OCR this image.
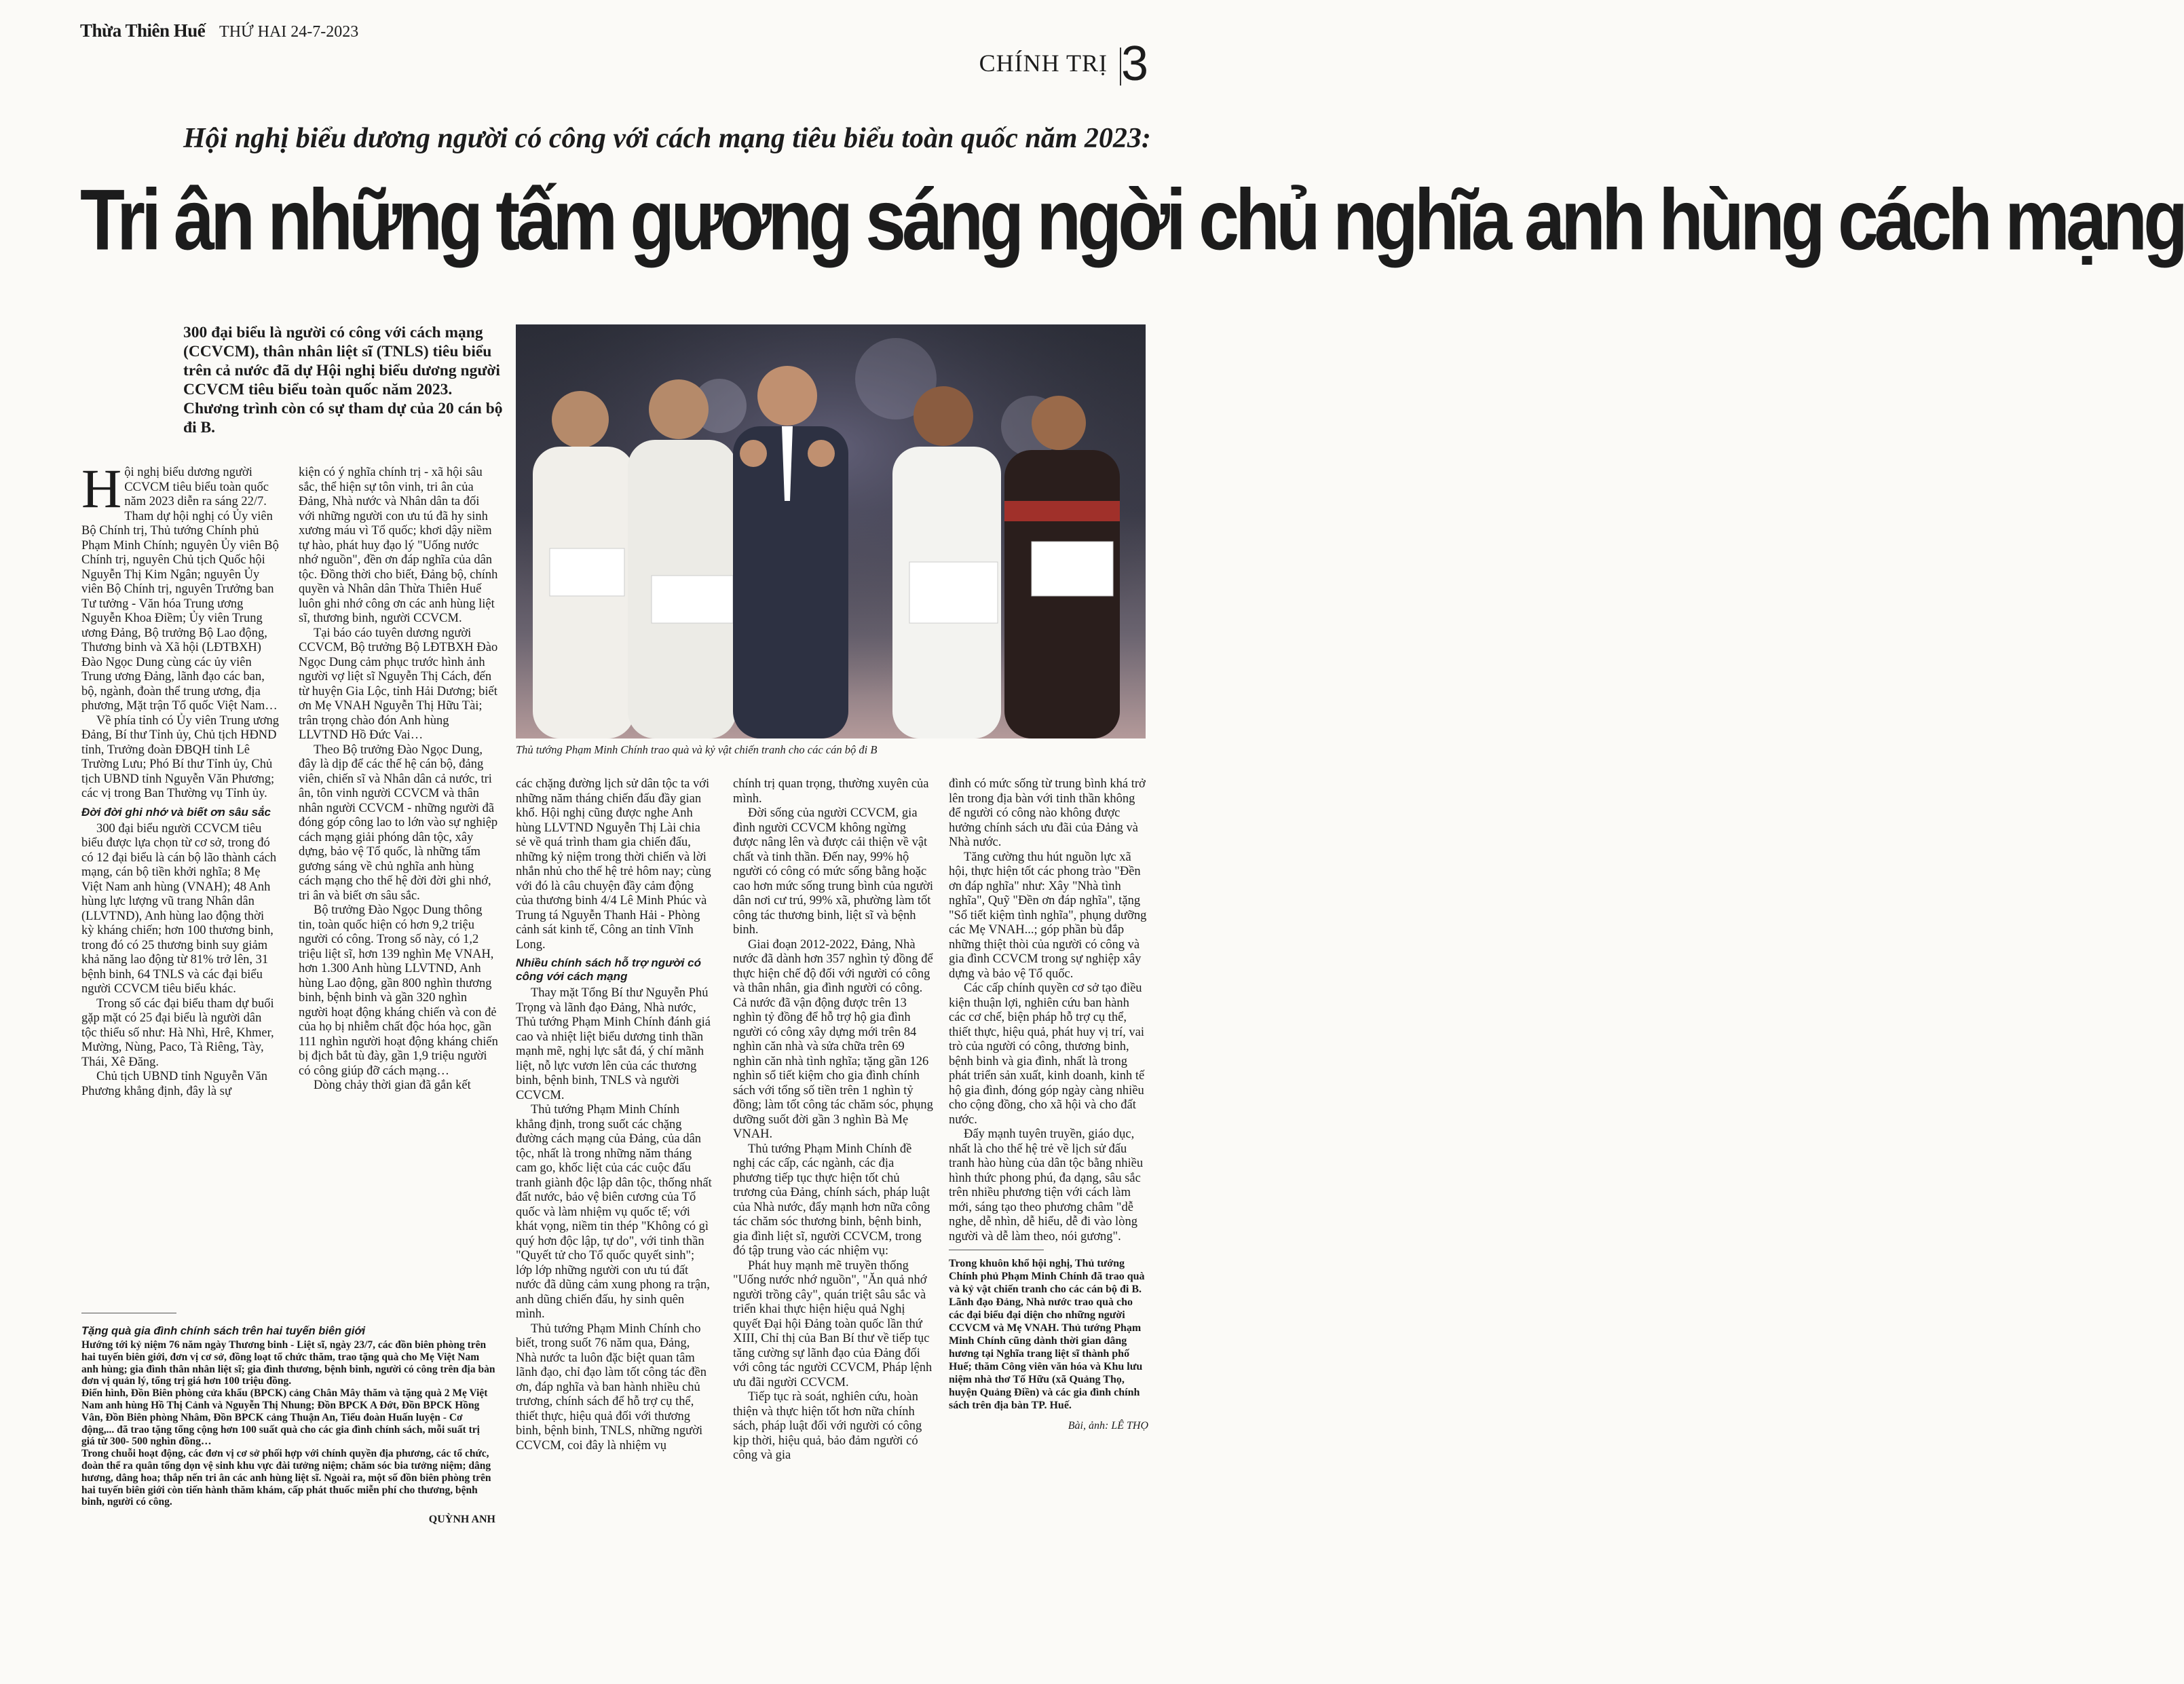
Thừa Thiên Huế THỨ HAI 24-7-2023
CHÍNH TRỊ 3
Hội nghị biểu dương người có công với cách mạng tiêu biểu toàn quốc năm 2023:
Tri ân những tấm gương sáng ngời chủ nghĩa anh hùng cách mạng
300 đại biểu là người có công với cách mạng (CCVCM), thân nhân liệt sĩ (TNLS) tiêu biểu trên cả nước đã dự Hội nghị biểu dương người CCVCM tiêu biểu toàn quốc năm 2023. Chương trình còn có sự tham dự của 20 cán bộ đi B.
Thủ tướng Phạm Minh Chính trao quà và kỷ vật chiến tranh cho các cán bộ đi B

Hội nghị biểu dương người CCVCM tiêu biểu toàn quốc năm 2023 diễn ra sáng 22/7. Tham dự hội nghị có Ủy viên Bộ Chính trị, Thủ tướng Chính phủ Phạm Minh Chính; nguyên Ủy viên Bộ Chính trị, nguyên Chủ tịch Quốc hội Nguyễn Thị Kim Ngân; nguyên Ủy viên Bộ Chính trị, nguyên Trưởng ban Tư tưởng - Văn hóa Trung ương Nguyễn Khoa Điềm; Ủy viên Trung ương Đảng, Bộ trưởng Bộ Lao động, Thương binh và Xã hội (LĐTBXH) Đào Ngọc Dung cùng các ủy viên Trung ương Đảng, lãnh đạo các ban, bộ, ngành, đoàn thể trung ương, địa phương, Mặt trận Tổ quốc Việt Nam…

Về phía tỉnh có Ủy viên Trung ương Đảng, Bí thư Tỉnh ủy, Chủ tịch HĐND tỉnh, Trưởng đoàn ĐBQH tỉnh Lê Trường Lưu; Phó Bí thư Tỉnh ủy, Chủ tịch UBND tỉnh Nguyễn Văn Phương; các vị trong Ban Thường vụ Tỉnh ủy.

Đời đời ghi nhớ và biết ơn sâu sắc

300 đại biểu người CCVCM tiêu biểu được lựa chọn từ cơ sở, trong đó có 12 đại biểu là cán bộ lão thành cách mạng, cán bộ tiền khởi nghĩa; 8 Mẹ Việt Nam anh hùng (VNAH); 48 Anh hùng lực lượng vũ trang Nhân dân (LLVTND), Anh hùng lao động thời kỳ kháng chiến; hơn 100 thương binh, trong đó có 25 thương binh suy giảm khả năng lao động từ 81% trở lên, 31 bệnh binh, 64 TNLS và các đại biểu người CCVCM tiêu biểu khác.

Trong số các đại biểu tham dự buổi gặp mặt có 25 đại biểu là người dân tộc thiểu số như: Hà Nhì, Hrê, Khmer, Mường, Nùng, Paco, Tà Riêng, Tày, Thái, Xê Đăng.

Chủ tịch UBND tỉnh Nguyễn Văn Phương khẳng định, đây là sự

kiện có ý nghĩa chính trị - xã hội sâu sắc, thể hiện sự tôn vinh, tri ân của Đảng, Nhà nước và Nhân dân ta đối với những người con ưu tú đã hy sinh xương máu vì Tổ quốc; khơi dậy niềm tự hào, phát huy đạo lý "Uống nước nhớ nguồn", đền ơn đáp nghĩa của dân tộc. Đồng thời cho biết, Đảng bộ, chính quyền và Nhân dân Thừa Thiên Huế luôn ghi nhớ công ơn các anh hùng liệt sĩ, thương binh, người CCVCM.

Tại báo cáo tuyên dương người CCVCM, Bộ trưởng Bộ LĐTBXH Đào Ngọc Dung cảm phục trước hình ảnh người vợ liệt sĩ Nguyễn Thị Cách, đến từ huyện Gia Lộc, tỉnh Hải Dương; biết ơn Mẹ VNAH Nguyễn Thị Hữu Tài; trân trọng chào đón Anh hùng LLVTND Hồ Đức Vai…

Theo Bộ trưởng Đào Ngọc Dung, đây là dịp để các thế hệ cán bộ, đảng viên, chiến sĩ và Nhân dân cả nước, tri ân, tôn vinh người CCVCM và thân nhân người CCVCM - những người đã đóng góp công lao to lớn vào sự nghiệp cách mạng giải phóng dân tộc, xây dựng, bảo vệ Tổ quốc, là những tấm gương sáng về chủ nghĩa anh hùng cách mạng cho thế hệ đời đời ghi nhớ, tri ân và biết ơn sâu sắc.

Bộ trưởng Đào Ngọc Dung thông tin, toàn quốc hiện có hơn 9,2 triệu người có công. Trong số này, có 1,2 triệu liệt sĩ, hơn 139 nghìn Mẹ VNAH, hơn 1.300 Anh hùng LLVTND, Anh hùng Lao động, gần 800 nghìn thương binh, bệnh binh và gần 320 nghìn người hoạt động kháng chiến và con đẻ của họ bị nhiễm chất độc hóa học, gần 111 nghìn người hoạt động kháng chiến bị địch bắt tù đày, gần 1,9 triệu người có công giúp đỡ cách mạng…

Dòng chảy thời gian đã gắn kết

Tặng quà gia đình chính sách trên hai tuyến biên giới

Hướng tới kỷ niệm 76 năm ngày Thương binh - Liệt sĩ, ngày 23/7, các đồn biên phòng trên hai tuyến biên giới, đơn vị cơ sở, đồng loạt tổ chức thăm, trao tặng quà cho Mẹ Việt Nam anh hùng; gia đình thân nhân liệt sĩ; gia đình thương, bệnh binh, người có công trên địa bàn đơn vị quản lý, tổng trị giá hơn 100 triệu đồng.

Điển hình, Đồn Biên phòng cửa khẩu (BPCK) cảng Chân Mây thăm và tặng quà 2 Mẹ Việt Nam anh hùng Hồ Thị Cảnh và Nguyễn Thị Nhung; Đồn BPCK A Đớt, Đồn BPCK Hồng Vân, Đồn Biên phòng Nhâm, Đồn BPCK cảng Thuận An, Tiểu đoàn Huấn luyện - Cơ động,... đã trao tặng tổng cộng hơn 100 suất quà cho các gia đình chính sách, mỗi suất trị giá từ 300- 500 nghìn đồng…

Trong chuỗi hoạt động, các đơn vị cơ sở phối hợp với chính quyền địa phương, các tổ chức, đoàn thể ra quân tổng dọn vệ sinh khu vực đài tưởng niệm; chăm sóc bia tưởng niệm; dâng hương, dâng hoa; thắp nến tri ân các anh hùng liệt sĩ. Ngoài ra, một số đồn biên phòng trên hai tuyến biên giới còn tiến hành thăm khám, cấp phát thuốc miễn phí cho thương, bệnh binh, người có công.

QUỲNH ANH

các chặng đường lịch sử dân tộc ta với những năm tháng chiến đấu đầy gian khổ. Hội nghị cũng được nghe Anh hùng LLVTND Nguyễn Thị Lài chia sẻ về quá trình tham gia chiến đấu, những kỷ niệm trong thời chiến và lời nhắn nhủ cho thế hệ trẻ hôm nay; cùng với đó là câu chuyện đầy cảm động của thương binh 4/4 Lê Minh Phúc và Trung tá Nguyễn Thanh Hải - Phòng cảnh sát kinh tế, Công an tỉnh Vĩnh Long.

Nhiều chính sách hỗ trợ người có công với cách mạng

Thay mặt Tổng Bí thư Nguyễn Phú Trọng và lãnh đạo Đảng, Nhà nước, Thủ tướng Phạm Minh Chính đánh giá cao và nhiệt liệt biểu dương tinh thần mạnh mẽ, nghị lực sắt đá, ý chí mãnh liệt, nỗ lực vươn lên của các thương binh, bệnh binh, TNLS và người CCVCM.

Thủ tướng Phạm Minh Chính khẳng định, trong suốt các chặng đường cách mạng của Đảng, của dân tộc, nhất là trong những năm tháng cam go, khốc liệt của các cuộc đấu tranh giành độc lập dân tộc, thống nhất đất nước, bảo vệ biên cương của Tổ quốc và làm nhiệm vụ quốc tế; với khát vọng, niềm tin thép "Không có gì quý hơn độc lập, tự do", với tinh thần "Quyết tử cho Tổ quốc quyết sinh"; lớp lớp những người con ưu tú đất nước đã dũng cảm xung phong ra trận, anh dũng chiến đấu, hy sinh quên mình.

Thủ tướng Phạm Minh Chính cho biết, trong suốt 76 năm qua, Đảng, Nhà nước ta luôn đặc biệt quan tâm lãnh đạo, chỉ đạo làm tốt công tác đền ơn, đáp nghĩa và ban hành nhiều chủ trương, chính sách để hỗ trợ cụ thể, thiết thực, hiệu quả đối với thương binh, bệnh binh, TNLS, những người CCVCM, coi đây là nhiệm vụ

chính trị quan trọng, thường xuyên của mình.

Đời sống của người CCVCM, gia đình người CCVCM không ngừng được nâng lên và được cải thiện về vật chất và tinh thần. Đến nay, 99% hộ người có công có mức sống bằng hoặc cao hơn mức sống trung bình của người dân nơi cư trú, 99% xã, phường làm tốt công tác thương binh, liệt sĩ và bệnh binh.

Giai đoạn 2012-2022, Đảng, Nhà nước đã dành hơn 357 nghìn tỷ đồng để thực hiện chế độ đối với người có công và thân nhân, gia đình người có công. Cả nước đã vận động được trên 13 nghìn tỷ đồng để hỗ trợ hộ gia đình người có công xây dựng mới trên 84 nghìn căn nhà và sửa chữa trên 69 nghìn căn nhà tình nghĩa; tặng gần 126 nghìn sổ tiết kiệm cho gia đình chính sách với tổng số tiền trên 1 nghìn tỷ đồng; làm tốt công tác chăm sóc, phụng dưỡng suốt đời gần 3 nghìn Bà Mẹ VNAH.

Thủ tướng Phạm Minh Chính đề nghị các cấp, các ngành, các địa phương tiếp tục thực hiện tốt chủ trương của Đảng, chính sách, pháp luật của Nhà nước, đẩy mạnh hơn nữa công tác chăm sóc thương binh, bệnh binh, gia đình liệt sĩ, người CCVCM, trong đó tập trung vào các nhiệm vụ:

Phát huy mạnh mẽ truyền thống "Uống nước nhớ nguồn", "Ăn quả nhớ người trồng cây", quán triệt sâu sắc và triển khai thực hiện hiệu quả Nghị quyết Đại hội Đảng toàn quốc lần thứ XIII, Chỉ thị của Ban Bí thư về tiếp tục tăng cường sự lãnh đạo của Đảng đối với công tác người CCVCM, Pháp lệnh ưu đãi người CCVCM.

Tiếp tục rà soát, nghiên cứu, hoàn thiện và thực hiện tốt hơn nữa chính sách, pháp luật đối với người có công kịp thời, hiệu quả, bảo đảm người có công và gia

đình có mức sống từ trung bình khá trở lên trong địa bàn với tinh thần không để người có công nào không được hưởng chính sách ưu đãi của Đảng và Nhà nước.

Tăng cường thu hút nguồn lực xã hội, thực hiện tốt các phong trào "Đền ơn đáp nghĩa" như: Xây "Nhà tình nghĩa", Quỹ "Đền ơn đáp nghĩa", tặng "Sổ tiết kiệm tình nghĩa", phụng dưỡng các Mẹ VNAH...; góp phần bù đắp những thiệt thòi của người có công và gia đình CCVCM trong sự nghiệp xây dựng và bảo vệ Tổ quốc.

Các cấp chính quyền cơ sở tạo điều kiện thuận lợi, nghiên cứu ban hành các cơ chế, biện pháp hỗ trợ cụ thể, thiết thực, hiệu quả, phát huy vị trí, vai trò của người có công, thương binh, bệnh binh và gia đình, nhất là trong phát triển sản xuất, kinh doanh, kinh tế hộ gia đình, đóng góp ngày càng nhiều cho cộng đồng, cho xã hội và cho đất nước.

Đẩy mạnh tuyên truyền, giáo dục, nhất là cho thế hệ trẻ về lịch sử đấu tranh hào hùng của dân tộc bằng nhiều hình thức phong phú, đa dạng, sâu sắc trên nhiều phương tiện với cách làm mới, sáng tạo theo phương châm "dễ nghe, dễ nhìn, dễ hiểu, dễ đi vào lòng người và dễ làm theo, nói gương".

Trong khuôn khổ hội nghị, Thủ tướng Chính phủ Phạm Minh Chính đã trao quà và kỷ vật chiến tranh cho các cán bộ đi B. Lãnh đạo Đảng, Nhà nước trao quà cho các đại biểu đại diện cho những người CCVCM và Mẹ VNAH. Thủ tướng Phạm Minh Chính cũng dành thời gian dâng hương tại Nghĩa trang liệt sĩ thành phố Huế; thăm Công viên văn hóa và Khu lưu niệm nhà thơ Tố Hữu (xã Quảng Thọ, huyện Quảng Điền) và các gia đình chính sách trên địa bàn TP. Huế.
Bài, ảnh: LÊ THỌ
